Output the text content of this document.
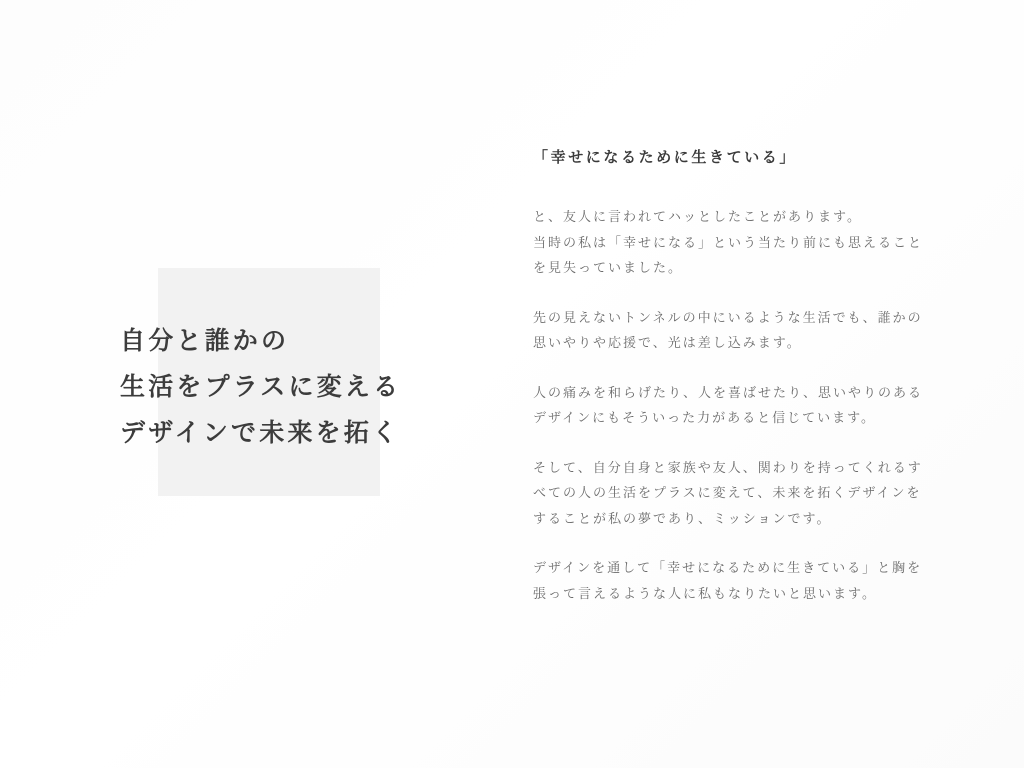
自分と誰かの
生活をプラスに変える
デザインで未来を拓く

「幸せになるために生きている」

と、友人に言われてハッとしたことがあります。
当時の私は「幸せになる」という当たり前にも思えること
を見失っていました。

先の見えないトンネルの中にいるような生活でも、誰かの
思いやりや応援で、光は差し込みます。

人の痛みを和らげたり、人を喜ばせたり、思いやりのある
デザインにもそういった力があると信じています。

そして、自分自身と家族や友人、関わりを持ってくれるす
べての人の生活をプラスに変えて、未来を拓くデザインを
することが私の夢であり、ミッションです。

デザインを通して「幸せになるために生きている」と胸を
張って言えるような人に私もなりたいと思います。
